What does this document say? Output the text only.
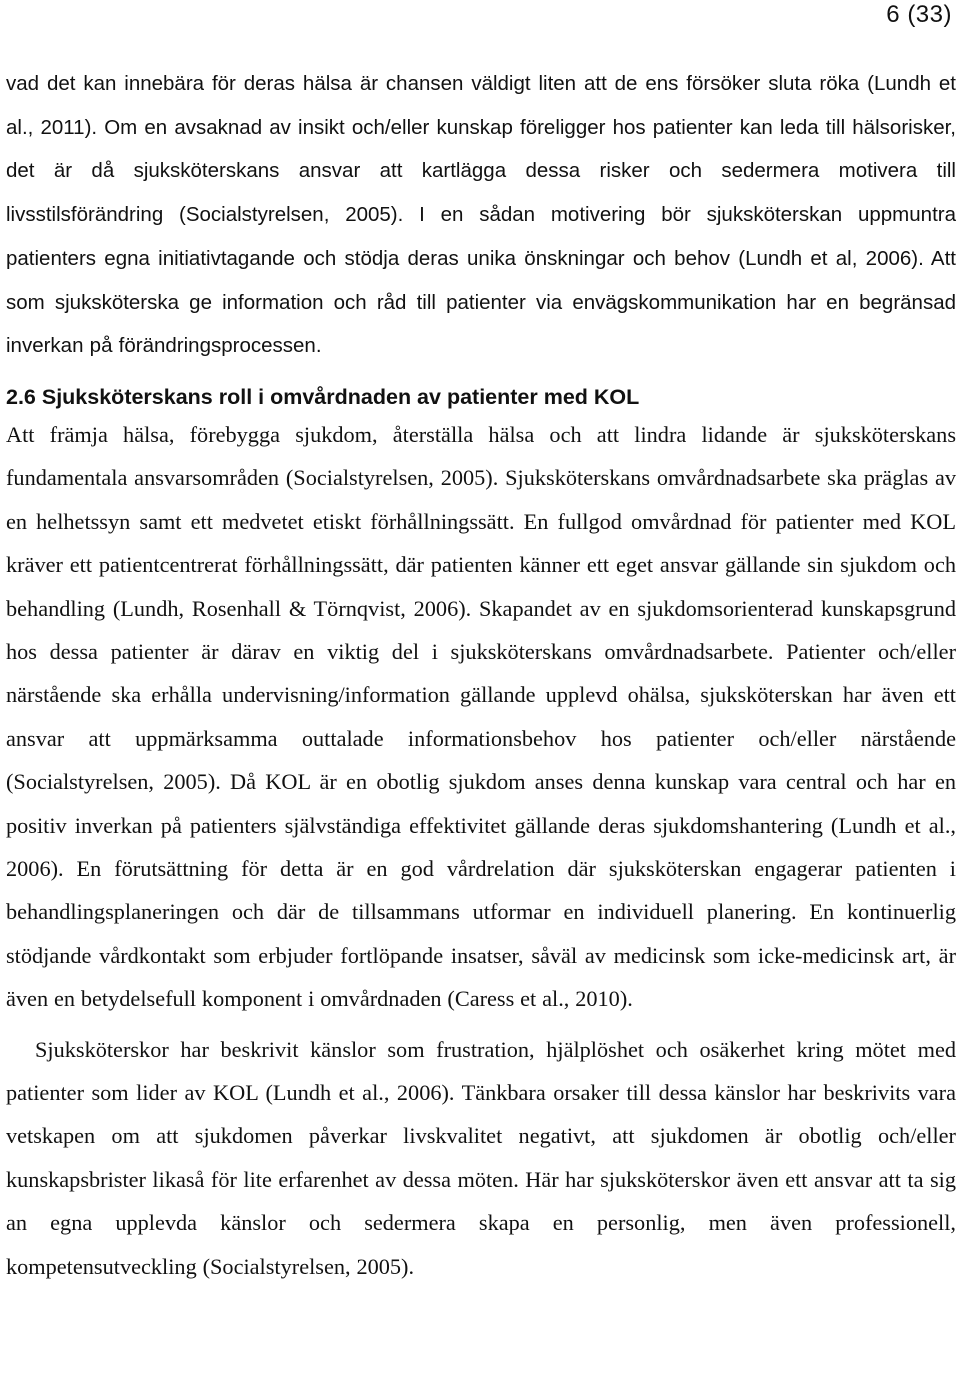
6 (33)

vad det kan innebära för deras hälsa är chansen väldigt liten att de ens försöker sluta röka (Lundh et al., 2011). Om en avsaknad av insikt och/eller kunskap föreligger hos patienter kan leda till hälsorisker, det är då sjuksköterskans ansvar att kartlägga dessa risker och sedermera motivera till livsstilsförändring (Socialstyrelsen, 2005). I en sådan motivering bör sjuksköterskan uppmuntra patienters egna initiativtagande och stödja deras unika önskningar och behov (Lundh et al, 2006). Att som sjuksköterska ge information och råd till patienter via envägskommunikation har en begränsad inverkan på förändringsprocessen.

2.6 Sjuksköterskans roll i omvårdnaden av patienter med KOL

Att främja hälsa, förebygga sjukdom, återställa hälsa och att lindra lidande är sjuksköterskans fundamentala ansvarsområden (Socialstyrelsen, 2005). Sjuksköterskans omvårdnadsarbete ska präglas av en helhetssyn samt ett medvetet etiskt förhållningssätt. En fullgod omvårdnad för patienter med KOL kräver ett patientcentrerat förhållningssätt, där patienten känner ett eget ansvar gällande sin sjukdom och behandling (Lundh, Rosenhall & Törnqvist, 2006). Skapandet av en sjukdomsorienterad kunskapsgrund hos dessa patienter är därav en viktig del i sjuksköterskans omvårdnadsarbete. Patienter och/eller närstående ska erhålla undervisning/information gällande upplevd ohälsa, sjuksköterskan har även ett ansvar att uppmärksamma outtalade informationsbehov hos patienter och/eller närstående (Socialstyrelsen, 2005). Då KOL är en obotlig sjukdom anses denna kunskap vara central och har en positiv inverkan på patienters självständiga effektivitet gällande deras sjukdomshantering (Lundh et al., 2006). En förutsättning för detta är en god vårdrelation där sjuksköterskan engagerar patienten i behandlingsplaneringen och där de tillsammans utformar en individuell planering. En kontinuerlig stödjande vårdkontakt som erbjuder fortlöpande insatser, såväl av medicinsk som icke-medicinsk art, är även en betydelsefull komponent i omvårdnaden (Caress et al., 2010).

Sjuksköterskor har beskrivit känslor som frustration, hjälplöshet och osäkerhet kring mötet med patienter som lider av KOL (Lundh et al., 2006). Tänkbara orsaker till dessa känslor har beskrivits vara vetskapen om att sjukdomen påverkar livskvalitet negativt, att sjukdomen är obotlig och/eller kunskapsbrister likaså för lite erfarenhet av dessa möten. Här har sjuksköterskor även ett ansvar att ta sig an egna upplevda känslor och sedermera skapa en personlig, men även professionell, kompetensutveckling (Socialstyrelsen, 2005).
